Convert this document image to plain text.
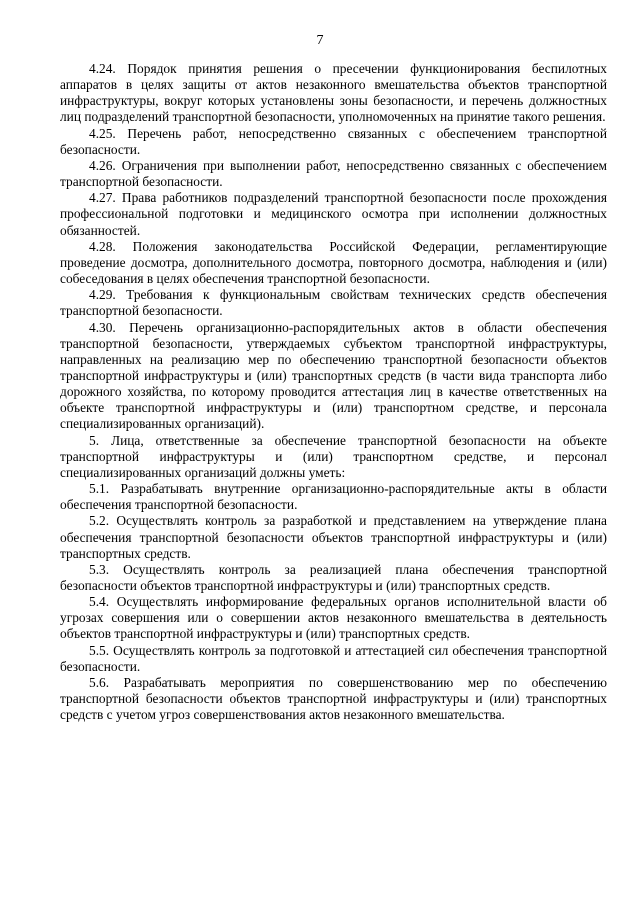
7

4.24. Порядок принятия решения о пресечении функционирования беспилотных аппаратов в целях защиты от актов незаконного вмешательства объектов транспортной инфраструктуры, вокруг которых установлены зоны безопасности, и перечень должностных лиц подразделений транспортной безопасности, уполномоченных на принятие такого решения.

4.25. Перечень работ, непосредственно связанных с обеспечением транспортной безопасности.

4.26. Ограничения при выполнении работ, непосредственно связанных с обеспечением транспортной безопасности.

4.27. Права работников подразделений транспортной безопасности после прохождения профессиональной подготовки и медицинского осмотра при исполнении должностных обязанностей.

4.28. Положения законодательства Российской Федерации, регламентирующие проведение досмотра, дополнительного досмотра, повторного досмотра, наблюдения и (или) собеседования в целях обеспечения транспортной безопасности.

4.29. Требования к функциональным свойствам технических средств обеспечения транспортной безопасности.

4.30. Перечень организационно-распорядительных актов в области обеспечения транспортной безопасности, утверждаемых субъектом транспортной инфраструктуры, направленных на реализацию мер по обеспечению транспортной безопасности объектов транспортной инфраструктуры и (или) транспортных средств (в части вида транспорта либо дорожного хозяйства, по которому проводится аттестация лиц в качестве ответственных на объекте транспортной инфраструктуры и (или) транспортном средстве, и персонала специализированных организаций).

5. Лица, ответственные за обеспечение транспортной безопасности на объекте транспортной инфраструктуры и (или) транспортном средстве, и персонал специализированных организаций должны уметь:

5.1. Разрабатывать внутренние организационно-распорядительные акты в области обеспечения транспортной безопасности.

5.2. Осуществлять контроль за разработкой и представлением на утверждение плана обеспечения транспортной безопасности объектов транспортной инфраструктуры и (или) транспортных средств.

5.3. Осуществлять контроль за реализацией плана обеспечения транспортной безопасности объектов транспортной инфраструктуры и (или) транспортных средств.

5.4. Осуществлять информирование федеральных органов исполнительной власти об угрозах совершения или о совершении актов незаконного вмешательства в деятельность объектов транспортной инфраструктуры и (или) транспортных средств.

5.5. Осуществлять контроль за подготовкой и аттестацией сил обеспечения транспортной безопасности.

5.6. Разрабатывать мероприятия по совершенствованию мер по обеспечению транспортной безопасности объектов транспортной инфраструктуры и (или) транспортных средств с учетом угроз совершенствования актов незаконного вмешательства.
